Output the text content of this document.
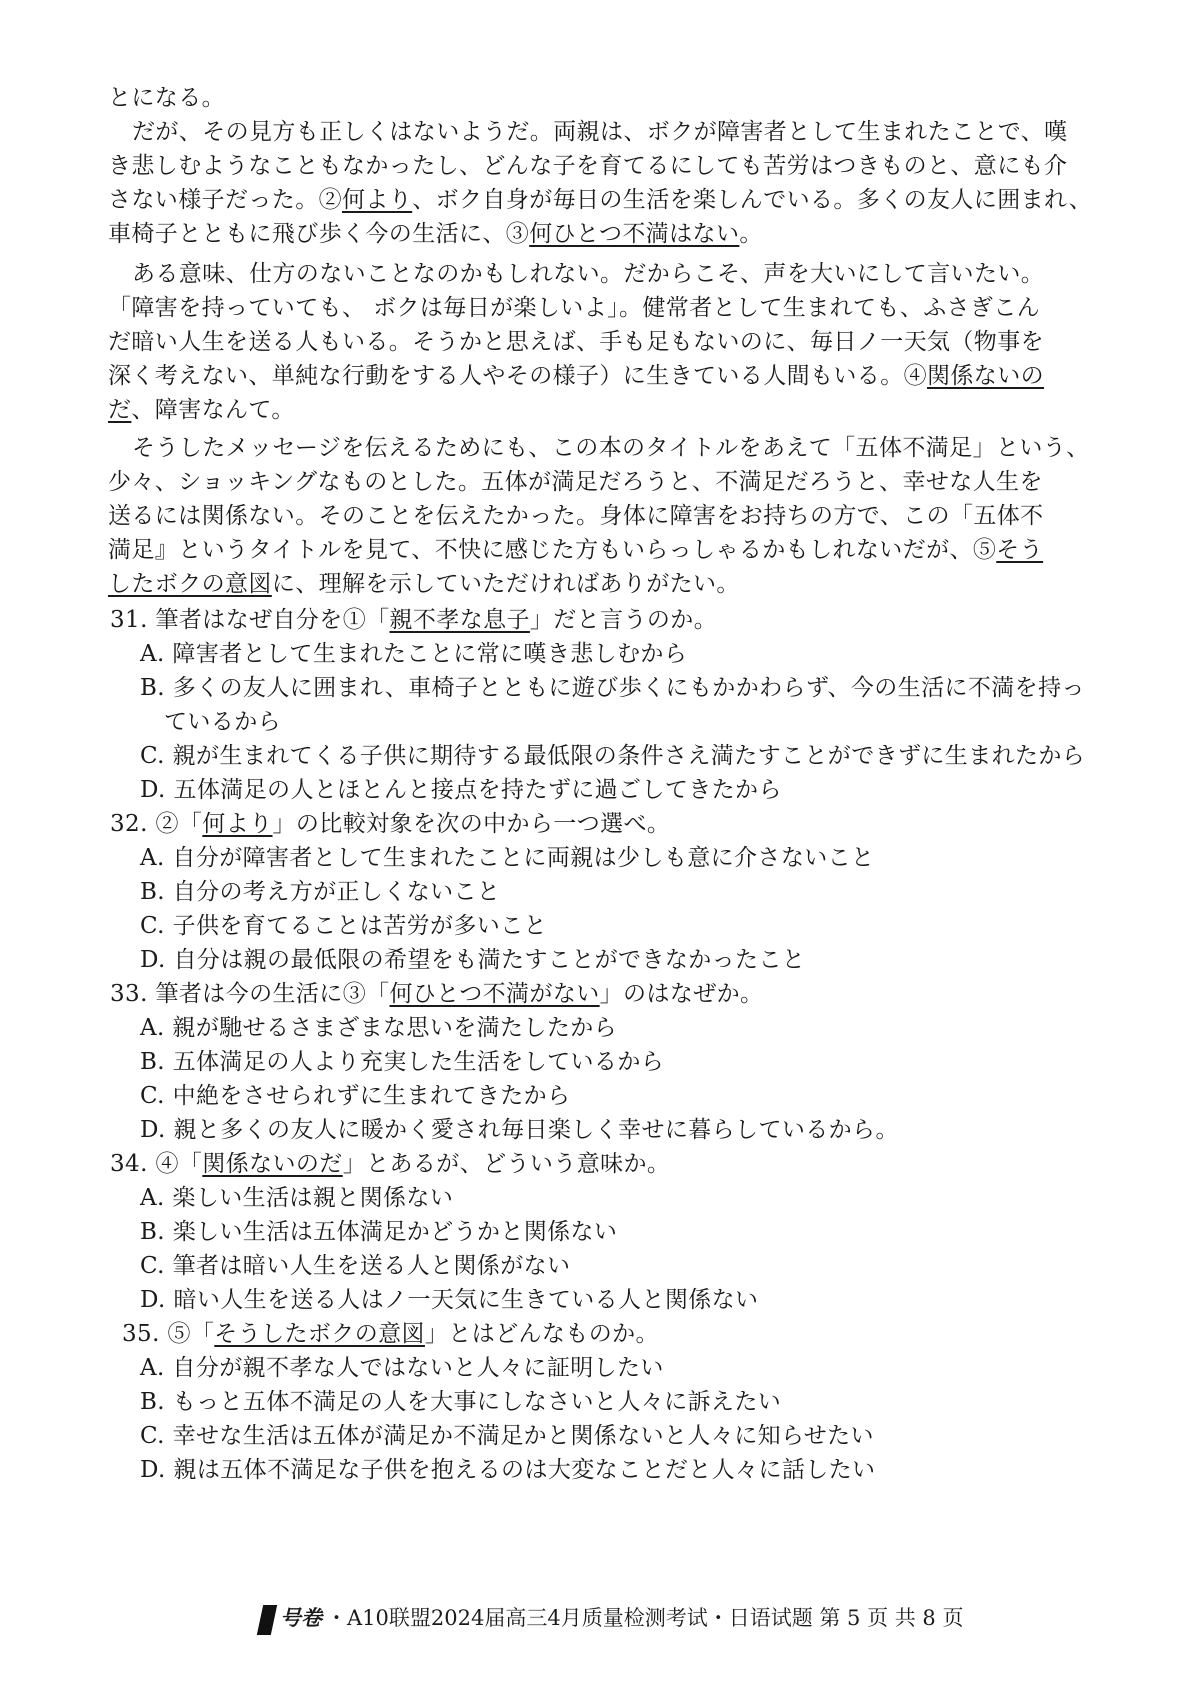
とになる。
だが、その見方も正しくはないようだ。両親は、ボクが障害者として生まれたことで、嘆
き悲しむようなこともなかったし、どんな子を育てるにしても苦労はつきものと、意にも介
さない様子だった。②何より、ボク自身が毎日の生活を楽しんでいる。多くの友人に囲まれ、
車椅子とともに飛び歩く今の生活に、③何ひとつ不満はない。
ある意味、仕方のないことなのかもしれない。だからこそ、声を大いにして言いたい。
「障害を持っていても、 ボクは毎日が楽しいよ」。健常者として生まれても、ふさぎこん
だ暗い人生を送る人もいる。そうかと思えば、手も足もないのに、毎日ノ一天気（物事を
深く考えない、単純な行動をする人やその様子）に生きている人間もいる。④関係ないの
だ、障害なんて。
そうしたメッセージを伝えるためにも、この本のタイトルをあえて「五体不満足」という、
少々、ショッキングなものとした。五体が満足だろうと、不満足だろうと、幸せな人生を
送るには関係ない。そのことを伝えたかった。身体に障害をお持ちの方で、この「五体不
満足』というタイトルを見て、不快に感じた方もいらっしゃるかもしれないだが、⑤そう
したボクの意図に、理解を示していただければありがたい。
31. 筆者はなぜ自分を①「親不孝な息子」だと言うのか。
A. 障害者として生まれたことに常に嘆き悲しむから
B. 多くの友人に囲まれ、車椅子とともに遊び歩くにもかかわらず、今の生活に不満を持っ
ているから
C. 親が生まれてくる子供に期待する最低限の条件さえ満たすことができずに生まれたから
D. 五体満足の人とほとんと接点を持たずに過ごしてきたから
32. ②「何より」の比較対象を次の中から一つ選べ。
A. 自分が障害者として生まれたことに両親は少しも意に介さないこと
B. 自分の考え方が正しくないこと
C. 子供を育てることは苦労が多いこと
D. 自分は親の最低限の希望をも満たすことができなかったこと
33. 筆者は今の生活に③「何ひとつ不満がない」のはなぜか。
A. 親が馳せるさまざまな思いを満たしたから
B. 五体満足の人より充実した生活をしているから
C. 中絶をさせられずに生まれてきたから
D. 親と多くの友人に暖かく愛され毎日楽しく幸せに暮らしているから。
34. ④「関係ないのだ」とあるが、どういう意味か。
A. 楽しい生活は親と関係ない
B. 楽しい生活は五体満足かどうかと関係ない
C. 筆者は暗い人生を送る人と関係がない
D. 暗い人生を送る人はノ一天気に生きている人と関係ない
35. ⑤「そうしたボクの意図」とはどんなものか。
A. 自分が親不孝な人ではないと人々に証明したい
B. もっと五体不満足の人を大事にしなさいと人々に訴えたい
C. 幸せな生活は五体が満足か不満足かと関係ないと人々に知らせたい
D. 親は五体不満足な子供を抱えるのは大変なことだと人々に話したい
号卷 ・A10联盟2024届高三4月质量检测考试・日语试题 第 5 页 共 8 页
